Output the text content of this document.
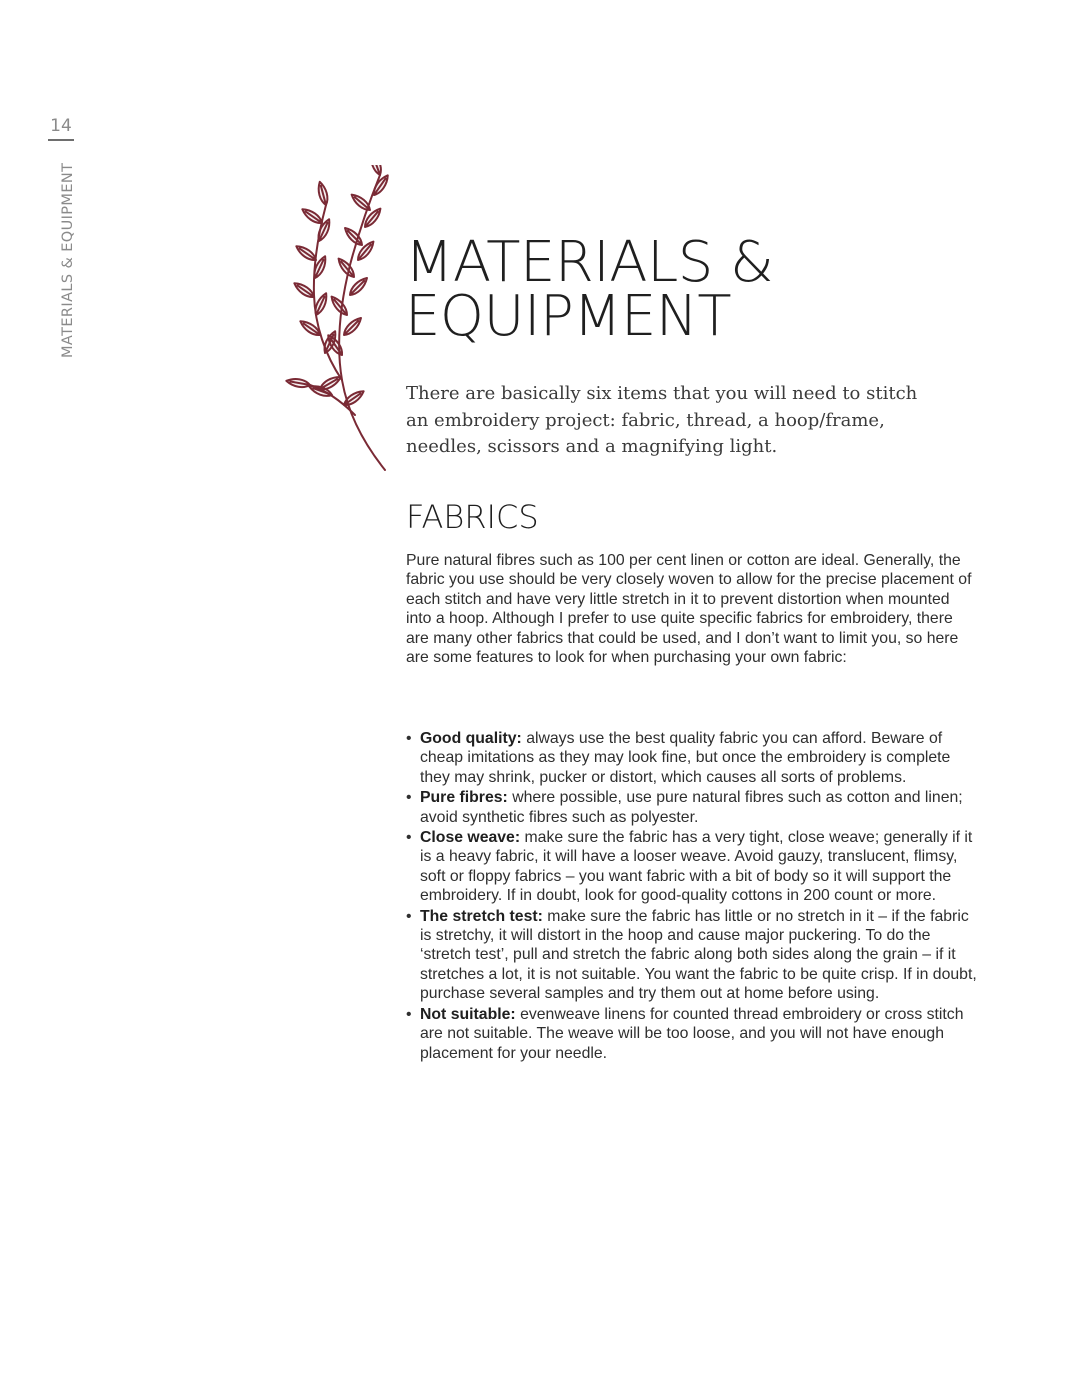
14
MATERIALS & EQUIPMENT	MATERIALS &
EQUIPMENT

There are basically six items that you will need to stitch an embroidery project: fabric, thread, a hoop/frame, needles, scissors and a magnifying light.

FABRICS

Pure natural fibres such as 100 per cent linen or cotton are ideal. Generally, the fabric you use should be very closely woven to allow for the precise placement of each stitch and have very little stretch in it to prevent distortion when mounted into a hoop. Although I prefer to use quite specific fabrics for embroidery, there are many other fabrics that could be used, and I don’t want to limit you, so here are some features to look for when purchasing your own fabric:

• Good quality: always use the best quality fabric you can afford. Beware of cheap imitations as they may look fine, but once the embroidery is complete they may shrink, pucker or distort, which causes all sorts of problems.
• Pure fibres: where possible, use pure natural fibres such as cotton and linen; avoid synthetic fibres such as polyester.
• Close weave: make sure the fabric has a very tight, close weave; generally if it is a heavy fabric, it will have a looser weave. Avoid gauzy, translucent, flimsy, soft or floppy fabrics – you want fabric with a bit of body so it will support the embroidery. If in doubt, look for good-quality cottons in 200 count or more.
• The stretch test: make sure the fabric has little or no stretch in it – if the fabric is stretchy, it will distort in the hoop and cause major puckering. To do the ‘stretch test’, pull and stretch the fabric along both sides along the grain – if it stretches a lot, it is not suitable. You want the fabric to be quite crisp. If in doubt, purchase several samples and try them out at home before using.
• Not suitable: evenweave linens for counted thread embroidery or cross stitch are not suitable. The weave will be too loose, and you will not have enough placement for your needle.
